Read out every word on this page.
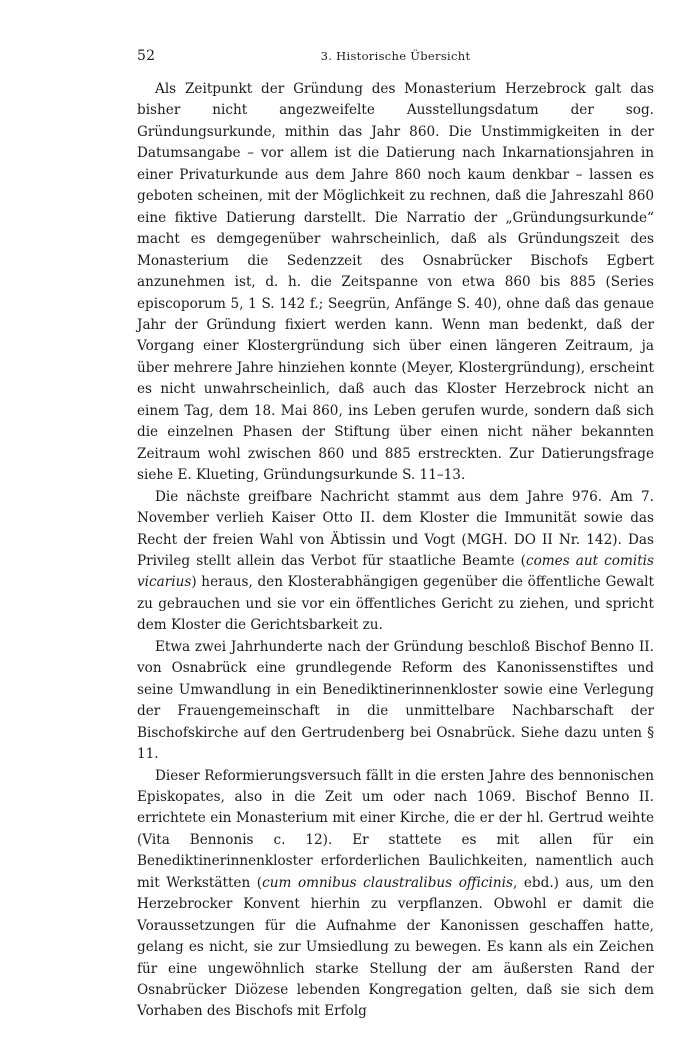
52	3. Historische Übersicht

Als Zeitpunkt der Gründung des Monasterium Herzebrock galt das bisher nicht angezweifelte Ausstellungsdatum der sog. Gründungsurkunde, mithin das Jahr 860. Die Unstimmigkeiten in der Datumsangabe – vor allem ist die Datierung nach Inkarnationsjahren in einer Privaturkunde aus dem Jahre 860 noch kaum denkbar – lassen es geboten scheinen, mit der Möglichkeit zu rechnen, daß die Jahreszahl 860 eine fiktive Datierung darstellt. Die Narratio der „Gründungsurkunde“ macht es demgegenüber wahrscheinlich, daß als Gründungszeit des Monasterium die Sedenzzeit des Osnabrücker Bischofs Egbert anzunehmen ist, d. h. die Zeitspanne von etwa 860 bis 885 (Series episcoporum 5, 1 S. 142 f.; Seegrün, Anfänge S. 40), ohne daß das genaue Jahr der Gründung fixiert werden kann. Wenn man bedenkt, daß der Vorgang einer Klostergründung sich über einen längeren Zeitraum, ja über mehrere Jahre hinziehen konnte (Meyer, Klostergründung), erscheint es nicht unwahrscheinlich, daß auch das Kloster Herzebrock nicht an einem Tag, dem 18. Mai 860, ins Leben gerufen wurde, sondern daß sich die einzelnen Phasen der Stiftung über einen nicht näher bekannten Zeitraum wohl zwischen 860 und 885 erstreckten. Zur Datierungsfrage siehe E. Klueting, Gründungsurkunde S. 11–13.

Die nächste greifbare Nachricht stammt aus dem Jahre 976. Am 7. November verlieh Kaiser Otto II. dem Kloster die Immunität sowie das Recht der freien Wahl von Äbtissin und Vogt (MGH. DO II Nr. 142). Das Privileg stellt allein das Verbot für staatliche Beamte (comes aut comitis vicarius) heraus, den Klosterabhängigen gegenüber die öffentliche Gewalt zu gebrauchen und sie vor ein öffentliches Gericht zu ziehen, und spricht dem Kloster die Gerichtsbarkeit zu.

Etwa zwei Jahrhunderte nach der Gründung beschloß Bischof Benno II. von Osnabrück eine grundlegende Reform des Kanonissenstiftes und seine Umwandlung in ein Benediktinerinnenkloster sowie eine Verlegung der Frauengemeinschaft in die unmittelbare Nachbarschaft der Bischofskirche auf den Gertrudenberg bei Osnabrück. Siehe dazu unten § 11.

Dieser Reformierungsversuch fällt in die ersten Jahre des bennonischen Episkopates, also in die Zeit um oder nach 1069. Bischof Benno II. errichtete ein Monasterium mit einer Kirche, die er der hl. Gertrud weihte (Vita Bennonis c. 12). Er stattete es mit allen für ein Benediktinerinnenkloster erforderlichen Baulichkeiten, namentlich auch mit Werkstätten (cum omnibus claustralibus officinis, ebd.) aus, um den Herzebrocker Konvent hierhin zu verpflanzen. Obwohl er damit die Voraussetzungen für die Aufnahme der Kanonissen geschaffen hatte, gelang es nicht, sie zur Umsiedlung zu bewegen. Es kann als ein Zeichen für eine ungewöhnlich starke Stellung der am äußersten Rand der Osnabrücker Diözese lebenden Kongregation gelten, daß sie sich dem Vorhaben des Bischofs mit Erfolg
